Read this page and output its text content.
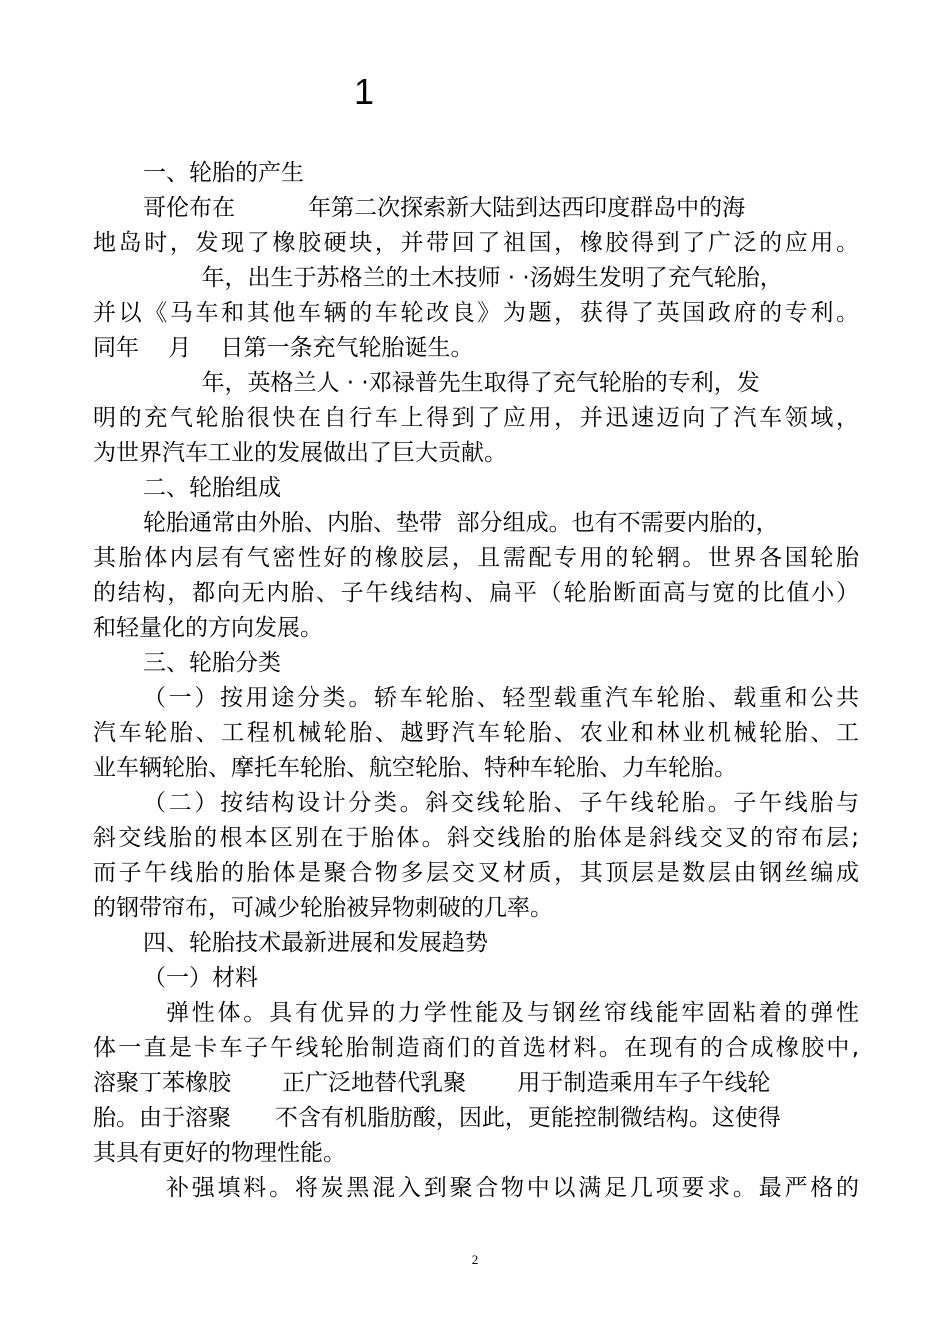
1
一、轮胎的产生
哥伦布在          年第二次探索新大陆到达西印度群岛中的海
地岛时，发现了橡胶硬块，并带回了祖国，橡胶得到了广泛的应用。
年，出生于苏格兰的土木技师 · ·汤姆生发明了充气轮胎，
并以《马车和其他车辆的车轮改良》为题，获得了英国政府的专利。
同年    月    日第一条充气轮胎诞生。
年，英格兰人 · ·邓禄普先生取得了充气轮胎的专利，发
明的充气轮胎很快在自行车上得到了应用，并迅速迈向了汽车领域，
为世界汽车工业的发展做出了巨大贡献。
二、轮胎组成
轮胎通常由外胎、内胎、垫带  部分组成。也有不需要内胎的，
其胎体内层有气密性好的橡胶层，且需配专用的轮辋。世界各国轮胎
的结构，都向无内胎、子午线结构、扁平（轮胎断面高与宽的比值小）
和轻量化的方向发展。
三、轮胎分类
（一）按用途分类。轿车轮胎、轻型载重汽车轮胎、载重和公共
汽车轮胎、工程机械轮胎、越野汽车轮胎、农业和林业机械轮胎、工
业车辆轮胎、摩托车轮胎、航空轮胎、特种车轮胎、力车轮胎。
（二）按结构设计分类。斜交线轮胎、子午线轮胎。子午线胎与
斜交线胎的根本区别在于胎体。斜交线胎的胎体是斜线交叉的帘布层;
而子午线胎的胎体是聚合物多层交叉材质，其顶层是数层由钢丝编成
的钢带帘布，可减少轮胎被异物刺破的几率。
四、轮胎技术最新进展和发展趋势
（一）材料
弹性体。具有优异的力学性能及与钢丝帘线能牢固粘着的弹性
体一直是卡车子午线轮胎制造商们的首选材料。在现有的合成橡胶中,
溶聚丁苯橡胶       正广泛地替代乳聚       用于制造乘用车子午线轮
胎。由于溶聚      不含有机脂肪酸，因此，更能控制微结构。这使得
其具有更好的物理性能。
补强填料。将炭黑混入到聚合物中以满足几项要求。最严格的
2
